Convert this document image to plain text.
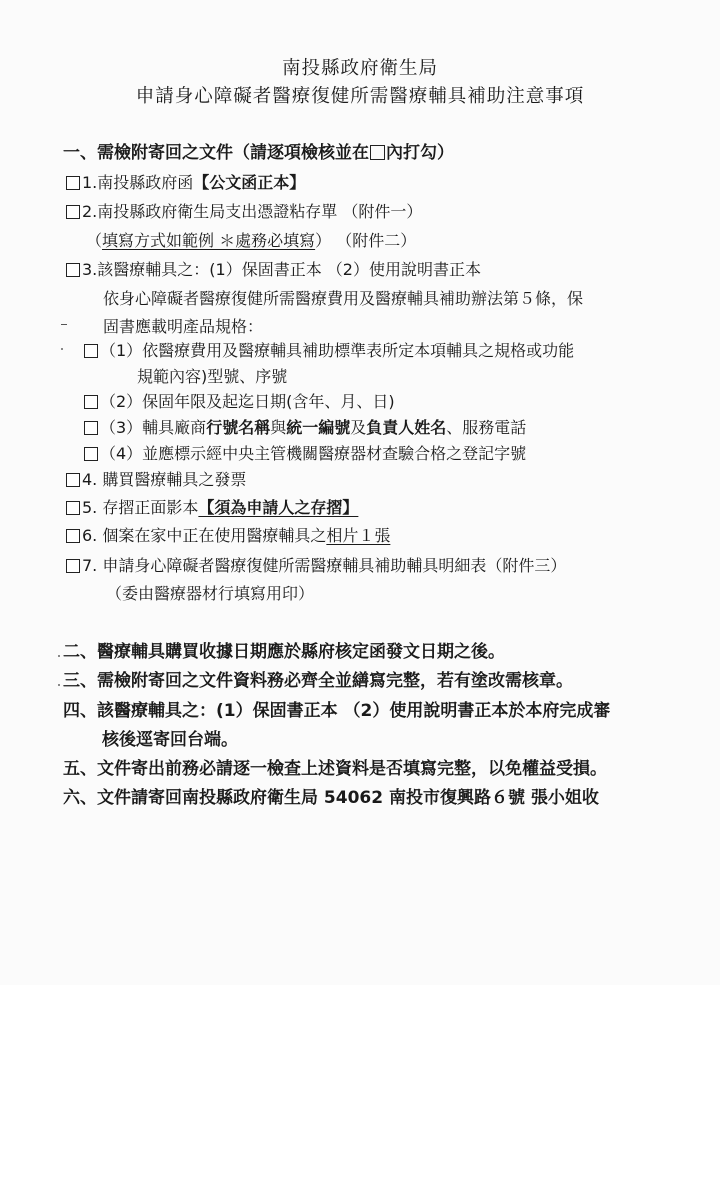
南投縣政府衛生局
申請身心障礙者醫療復健所需醫療輔具補助注意事項
一、需檢附寄回之文件（請逐項檢核並在 內打勾）
1.南投縣政府函【公文函正本】
2.南投縣政府衛生局支出憑證粘存單 （附件一）
（填寫方式如範例 ＊處務必填寫） （附件二）
3.該醫療輔具之：(1）保固書正本 （2）使用說明書正本
依身心障礙者醫療復健所需醫療費用及醫療輔具補助辦法第５條，保
固書應載明產品規格：
（1）依醫療費用及醫療輔具補助標準表所定本項輔具之規格或功能
規範內容)型號、序號
（2）保固年限及起迄日期(含年、月、日)
（3）輔具廠商行號名稱與統一編號及負責人姓名、服務電話
（4）並應標示經中央主管機關醫療器材查驗合格之登記字號
4. 購買醫療輔具之發票
5. 存摺正面影本【須為申請人之存摺】
6. 個案在家中正在使用醫療輔具之相片１張
7. 申請身心障礙者醫療復健所需醫療輔具補助輔具明細表（附件三）
（委由醫療器材行填寫用印）
二、醫療輔具購買收據日期應於縣府核定函發文日期之後。
三、需檢附寄回之文件資料務必齊全並繕寫完整，若有塗改需核章。
四、該醫療輔具之：(1）保固書正本 （2）使用說明書正本於本府完成審
核後逕寄回台端。
五、文件寄出前務必請逐一檢查上述資料是否填寫完整，以免權益受損。
六、文件請寄回南投縣政府衛生局 54062 南投市復興路６號 張小姐收
